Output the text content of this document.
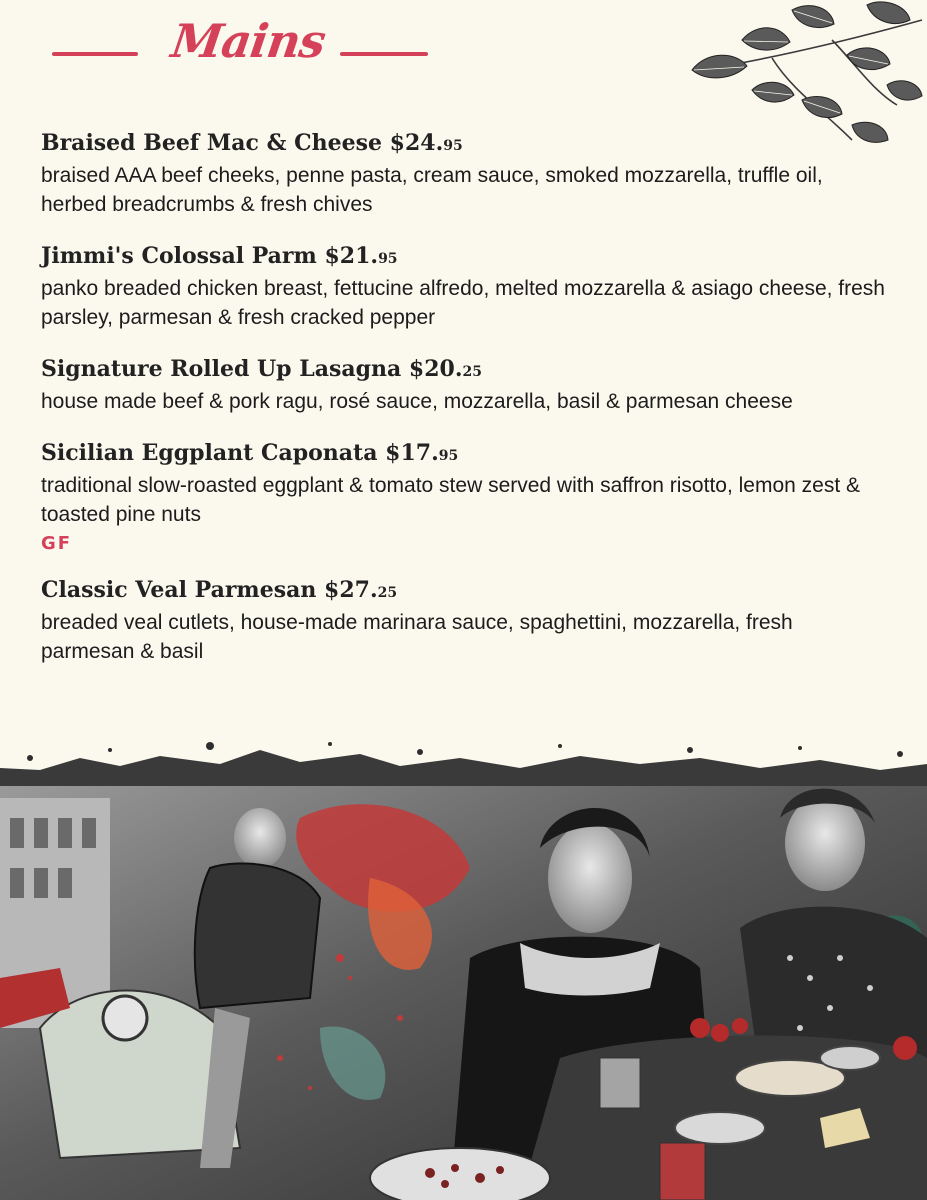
Mains
Braised Beef Mac & Cheese $24.95
braised AAA beef cheeks, penne pasta, cream sauce, smoked mozzarella, truffle oil, herbed breadcrumbs & fresh chives
Jimmi's Colossal Parm $21.95
panko breaded chicken breast, fettucine alfredo, melted mozzarella & asiago cheese, fresh parsley, parmesan & fresh cracked pepper
Signature Rolled Up Lasagna $20.25
house made beef & pork ragu, rosé sauce, mozzarella, basil & parmesan cheese
Sicilian Eggplant Caponata $17.95
traditional slow-roasted eggplant & tomato stew served with saffron risotto, lemon zest & toasted pine nuts
GF
Classic Veal Parmesan $27.25
breaded veal cutlets, house-made marinara sauce, spaghettini, mozzarella, fresh parmesan & basil
